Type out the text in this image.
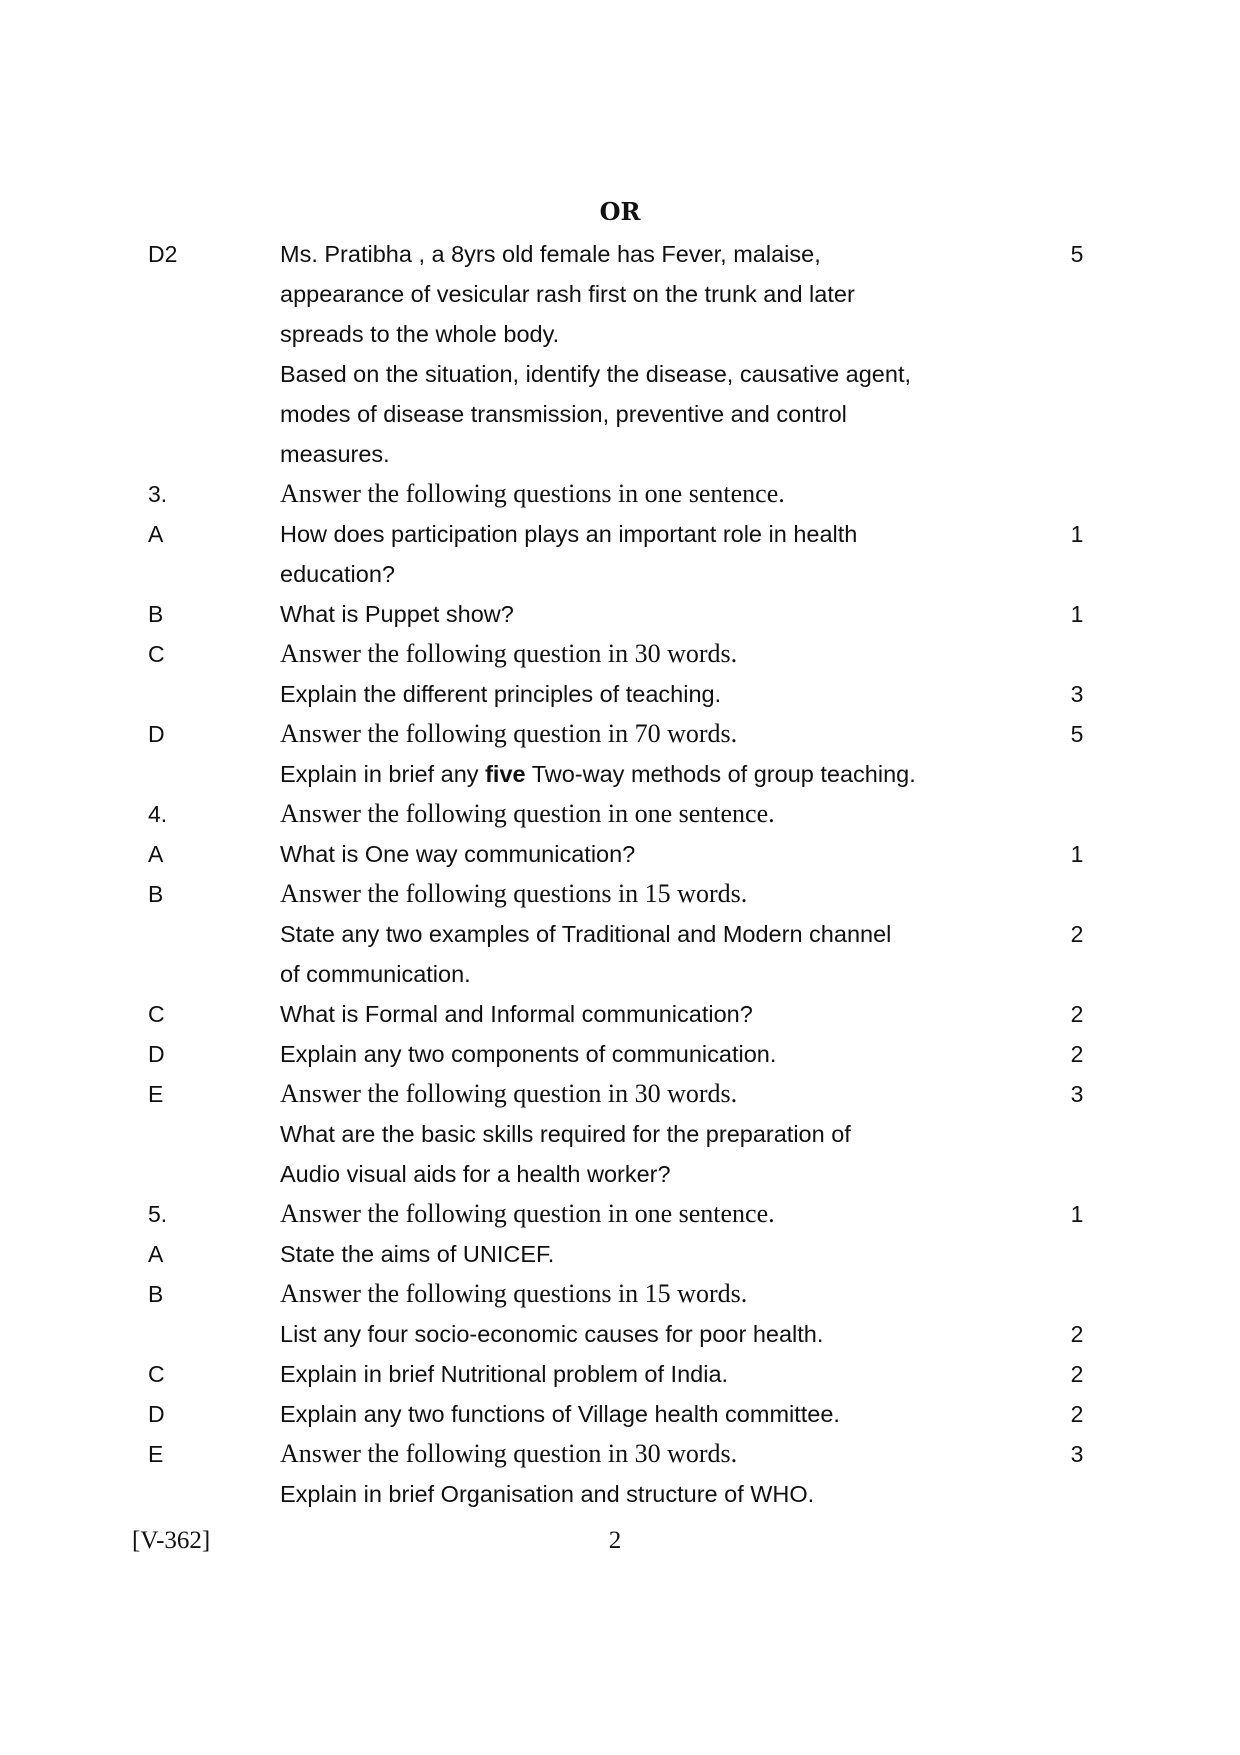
OR
D2	Ms. Pratibha , a 8yrs old female has Fever, malaise,	5
appearance of vesicular rash first on the trunk and later
spreads to the whole body.
Based on the situation, identify the disease, causative agent,
modes of disease transmission, preventive and control
measures.
3.	Answer the following questions in one sentence.
A	How does participation plays an important role in health	1
education?
B	What is Puppet show?	1
C	Answer the following question in 30 words.
Explain the different principles of teaching.	3
D	Answer the following question in 70 words.	5
Explain in brief any five Two-way methods of group teaching.
4.	Answer the following question in one sentence.
A	What is One way communication?	1
B	Answer the following questions in 15 words.
State any two examples of Traditional and Modern channel	2
of communication.
C	What is Formal and Informal communication?	2
D	Explain any two components of communication.	2
E	Answer the following question in 30 words.	3
What are the basic skills required for the preparation of
Audio visual aids for a health worker?
5.	Answer the following question in one sentence.	1
A	State the aims of UNICEF.
B	Answer the following questions in 15 words.
List any four socio-economic causes for poor health.	2
C	Explain in brief Nutritional problem of India.	2
D	Explain any two functions of Village health committee.	2
E	Answer the following question in 30 words.	3
Explain in brief Organisation and structure of WHO.
[V-362]	2
